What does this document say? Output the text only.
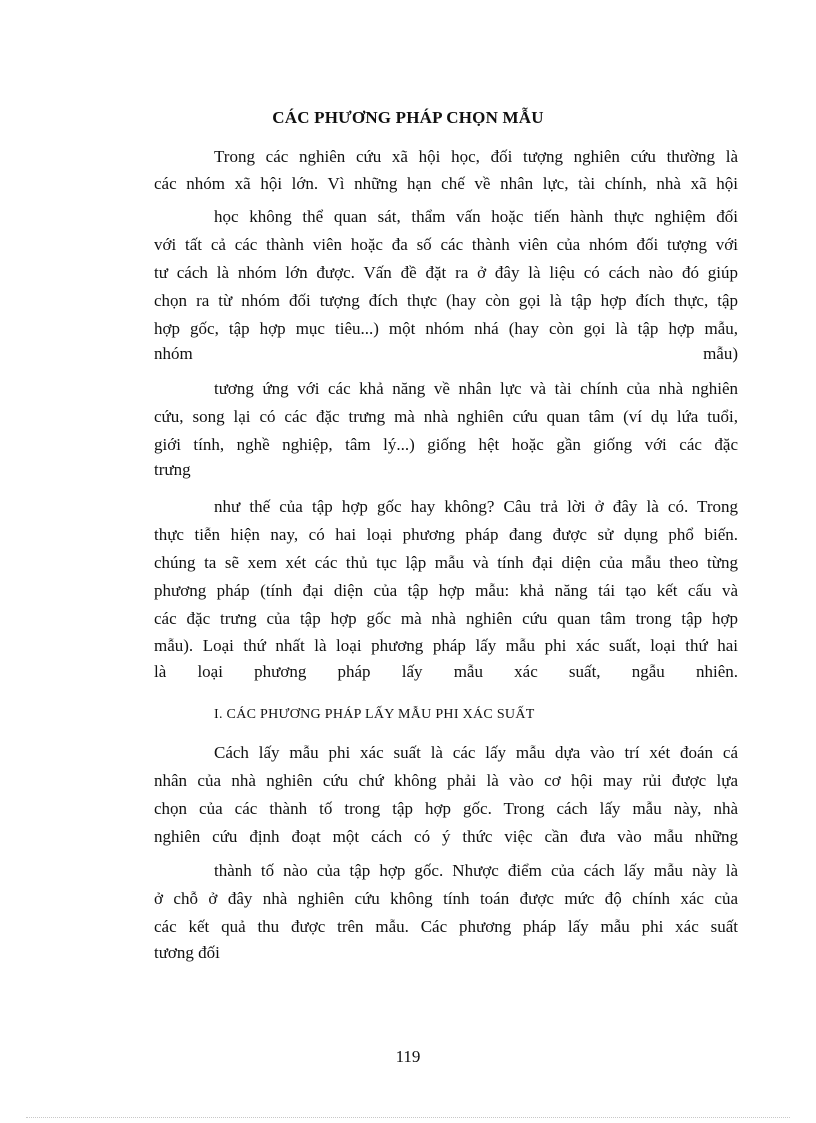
CÁC PHƯƠNG PHÁP CHỌN MẪU
Trong các nghiên cứu xã hội học, đối tượng nghiên cứu thường là
các nhóm xã hội lớn. Vì những hạn chế về nhân lực, tài chính, nhà xã hội
học không thể quan sát, thẩm vấn hoặc tiến hành thực nghiệm đối
với tất cả các thành viên hoặc đa số các thành viên của nhóm đối tượng với
tư cách là nhóm lớn được. Vấn đề đặt ra ở đây là liệu có cách nào đó giúp
chọn ra từ nhóm đối tượng đích thực (hay còn gọi là tập hợp đích thực, tập
hợp gốc, tập hợp mục tiêu...) một nhóm nhá (hay còn gọi là tập hợp mẫu,
nhóm mẫu)
tương ứng với các khả năng về nhân lực và tài chính của nhà nghiên
cứu, song lại có các đặc trưng mà nhà nghiên cứu quan tâm (ví dụ lứa tuổi,
giới tính, nghề nghiệp, tâm lý...) giống hệt hoặc gần giống với các đặc
trưng
như thế của tập hợp gốc hay không? Câu trả lời ở đây là có. Trong
thực tiễn hiện nay, có hai loại phương pháp đang được sử dụng phổ biến.
chúng ta sẽ xem xét các thủ tục lập mẫu và tính đại diện của mẫu theo từng
phương pháp (tính đại diện của tập hợp mẫu: khả năng tái tạo kết cấu và
các đặc trưng của tập hợp gốc mà nhà nghiên cứu quan tâm trong tập hợp
mẫu). Loại thứ nhất là loại phương pháp lấy mẫu phi xác suất, loại thứ hai
là loại phương pháp lấy mẫu xác suất, ngẫu nhiên.
I. CÁC PHƯƠNG PHÁP LẤY MẪU PHI XÁC SUẤT
Cách lấy mẫu phi xác suất là các lấy mẫu dựa vào trí xét đoán cá
nhân của nhà nghiên cứu chứ không phải là vào cơ hội may rủi được lựa
chọn của các thành tố trong tập hợp gốc. Trong cách lấy mẫu này, nhà
nghiên cứu định đoạt một cách có ý thức việc cần đưa vào mẫu những
thành tố nào của tập hợp gốc. Nhược điểm của cách lấy mẫu này là
ở chỗ ở đây nhà nghiên cứu không tính toán được mức độ chính xác của
các kết quả thu được trên mẫu. Các phương pháp lấy mẫu phi xác suất
tương đối
119
